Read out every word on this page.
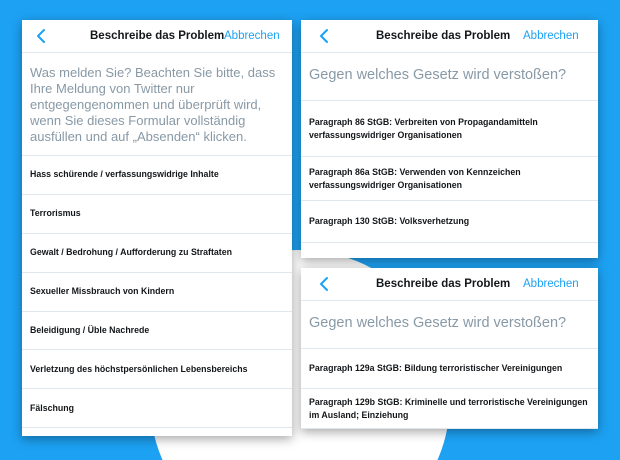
Beschreibe das Problem Abbrechen
Was melden Sie? Beachten Sie bitte, dass Ihre Meldung von Twitter nur entgegengenommen und überprüft wird, wenn Sie dieses Formular vollständig ausfüllen und auf „Absenden“ klicken.
Hass schürende / verfassungswidrige Inhalte
Terrorismus
Gewalt / Bedrohung / Aufforderung zu Straftaten
Sexueller Missbrauch von Kindern
Beleidigung / Üble Nachrede
Verletzung des höchstpersönlichen Lebensbereichs
Fälschung
Beschreibe das Problem Abbrechen
Gegen welches Gesetz wird verstoßen?
Paragraph 86 StGB: Verbreiten von Propagandamitteln verfassungswidriger Organisationen
Paragraph 86a StGB: Verwenden von Kennzeichen verfassungswidriger Organisationen
Paragraph 130 StGB: Volksverhetzung
Beschreibe das Problem Abbrechen
Gegen welches Gesetz wird verstoßen?
Paragraph 129a StGB: Bildung terroristischer Vereinigungen
Paragraph 129b StGB: Kriminelle und terroristische Vereinigungen im Ausland; Einziehung
